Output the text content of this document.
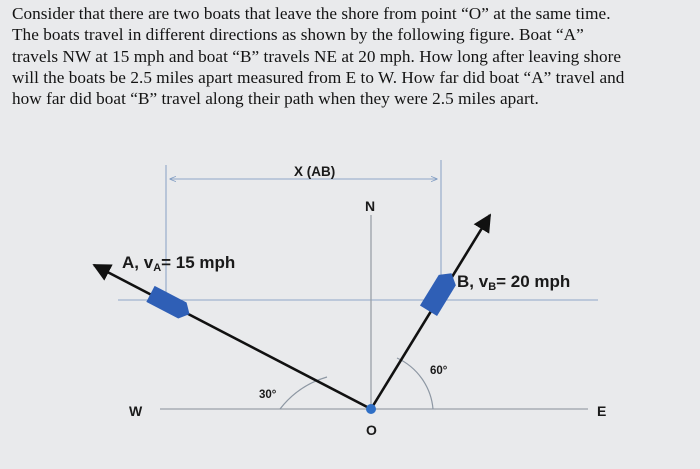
Consider that there are two boats that leave the shore from point “O” at the same time.
The boats travel in different directions as shown by the following figure. Boat “A”
travels NW at 15 mph and boat “B” travels NE at 20 mph. How long after leaving shore
will the boats be 2.5 miles apart measured from E to W. How far did boat “A” travel and
how far did boat “B” travel along their path when they were 2.5 miles apart.
X (AB)
N
W	E
O
A, vA= 15 mph
B, vB= 20 mph
30°
60°
